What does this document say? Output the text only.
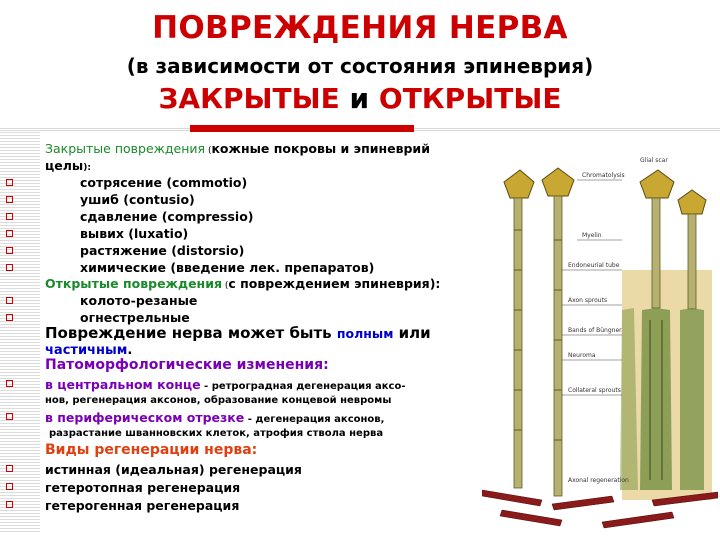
ПОВРЕЖДЕНИЯ НЕРВА
(в зависимости от состояния эпиневрия)
ЗАКРЫТЫЕ и ОТКРЫТЫЕ
Закрытые повреждения (кожные покровы и эпиневрий
целы):
сотрясение (commotio)
ушиб (contusio)
сдавление (compressio)
вывих (luxatio)
растяжение (distorsio)
химические (введение лек. препаратов)
Открытые повреждения (с повреждением эпиневрия):
колото-резаные
огнестрельные
Повреждение нерва может быть полным или
частичным.
Патоморфологические изменения:
в центральном конце - ретроградная дегенерация аксо-
нов, регенерация аксонов, образование концевой невромы
в периферическом отрезке - дегенерация аксонов,
разрастание шванновских клеток, атрофия ствола нерва
Виды регенерации нерва:
истинная (идеальная) регенерация
гетеротопная регенерация
гетерогенная регенерация
Chromatolysis
Myelin
Endoneurial tube
Axon sprouts
Bands of Büngner
Neuroma
Collateral sprouts
Glial scar
Axonal regeneration
